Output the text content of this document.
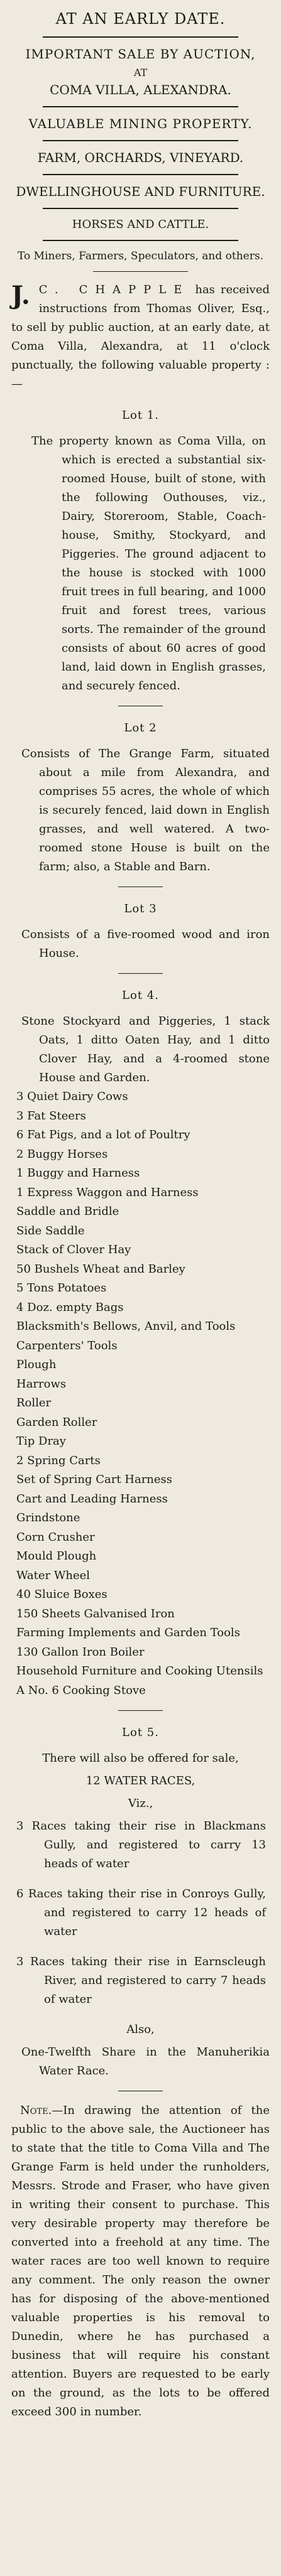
AT AN EARLY DATE.
IMPORTANT SALE BY AUCTION,
AT
COMA VILLA, ALEXANDRA.
VALUABLE MINING PROPERTY.
FARM, ORCHARDS, VINEYARD.
DWELLINGHOUSE AND FURNITURE.
HORSES AND CATTLE.
To Miners, Farmers, Speculators, and others.
J. C. CHAPPLE has received instructions from Thomas Oliver, Esq., to sell by public auction, at an early date, at Coma Villa, Alexandra, at 11 o'clock punctually, the following valuable property :—
Lot 1.

The property known as Coma Villa, on which is erected a substantial six-roomed House, built of stone, with the following Outhouses, viz., Dairy, Storeroom, Stable, Coach-house, Smithy, Stockyard, and Piggeries. The ground adjacent to the house is stocked with 1000 fruit trees in full bearing, and 1000 fruit and forest trees, various sorts. The remainder of the ground consists of about 60 acres of good land, laid down in English grasses, and securely fenced.

Lot 2

Consists of The Grange Farm, situated about a mile from Alexandra, and comprises 55 acres, the whole of which is securely fenced, laid down in English grasses, and well watered. A two-roomed stone House is built on the farm; also, a Stable and Barn.

Lot 3

Consists of a five-roomed wood and iron House.

Lot 4.

Stone Stockyard and Piggeries, 1 stack Oats, 1 ditto Oaten Hay, and 1 ditto Clover Hay, and a 4-roomed stone House and Garden.

3 Quiet Dairy Cows
3 Fat Steers
6 Fat Pigs, and a lot of Poultry
2 Buggy Horses
1 Buggy and Harness
1 Express Waggon and Harness
Saddle and Bridle
Side Saddle
Stack of Clover Hay
50 Bushels Wheat and Barley
5 Tons Potatoes
4 Doz. empty Bags
Blacksmith's Bellows, Anvil, and Tools
Carpenters' Tools
Plough
Harrows
Roller
Garden Roller
Tip Dray
2 Spring Carts
Set of Spring Cart Harness
Cart and Leading Harness
Grindstone
Corn Crusher
Mould Plough
Water Wheel
40 Sluice Boxes
150 Sheets Galvanised Iron
Farming Implements and Garden Tools
130 Gallon Iron Boiler
Household Furniture and Cooking Utensils
A No. 6 Cooking Stove
Lot 5.
There will also be offered for sale,
12 WATER RACES,
Viz.,
3 Races taking their rise in Blackmans Gully, and registered to carry 13 heads of water
6 Races taking their rise in Conroys Gully, and registered to carry 12 heads of water
3 Races taking their rise in Earnscleugh River, and registered to carry 7 heads of water
Also,

One-Twelfth Share in the Manuherikia Water Race.

Note.—In drawing the attention of the public to the above sale, the Auctioneer has to state that the title to Coma Villa and The Grange Farm is held under the runholders, Messrs. Strode and Fraser, who have given in writing their consent to purchase. This very desirable property may therefore be converted into a freehold at any time. The water races are too well known to require any comment. The only reason the owner has for disposing of the above-mentioned valuable properties is his removal to Dunedin, where he has purchased a business that will require his constant attention. Buyers are requested to be early on the ground, as the lots to be offered exceed 300 in number.
